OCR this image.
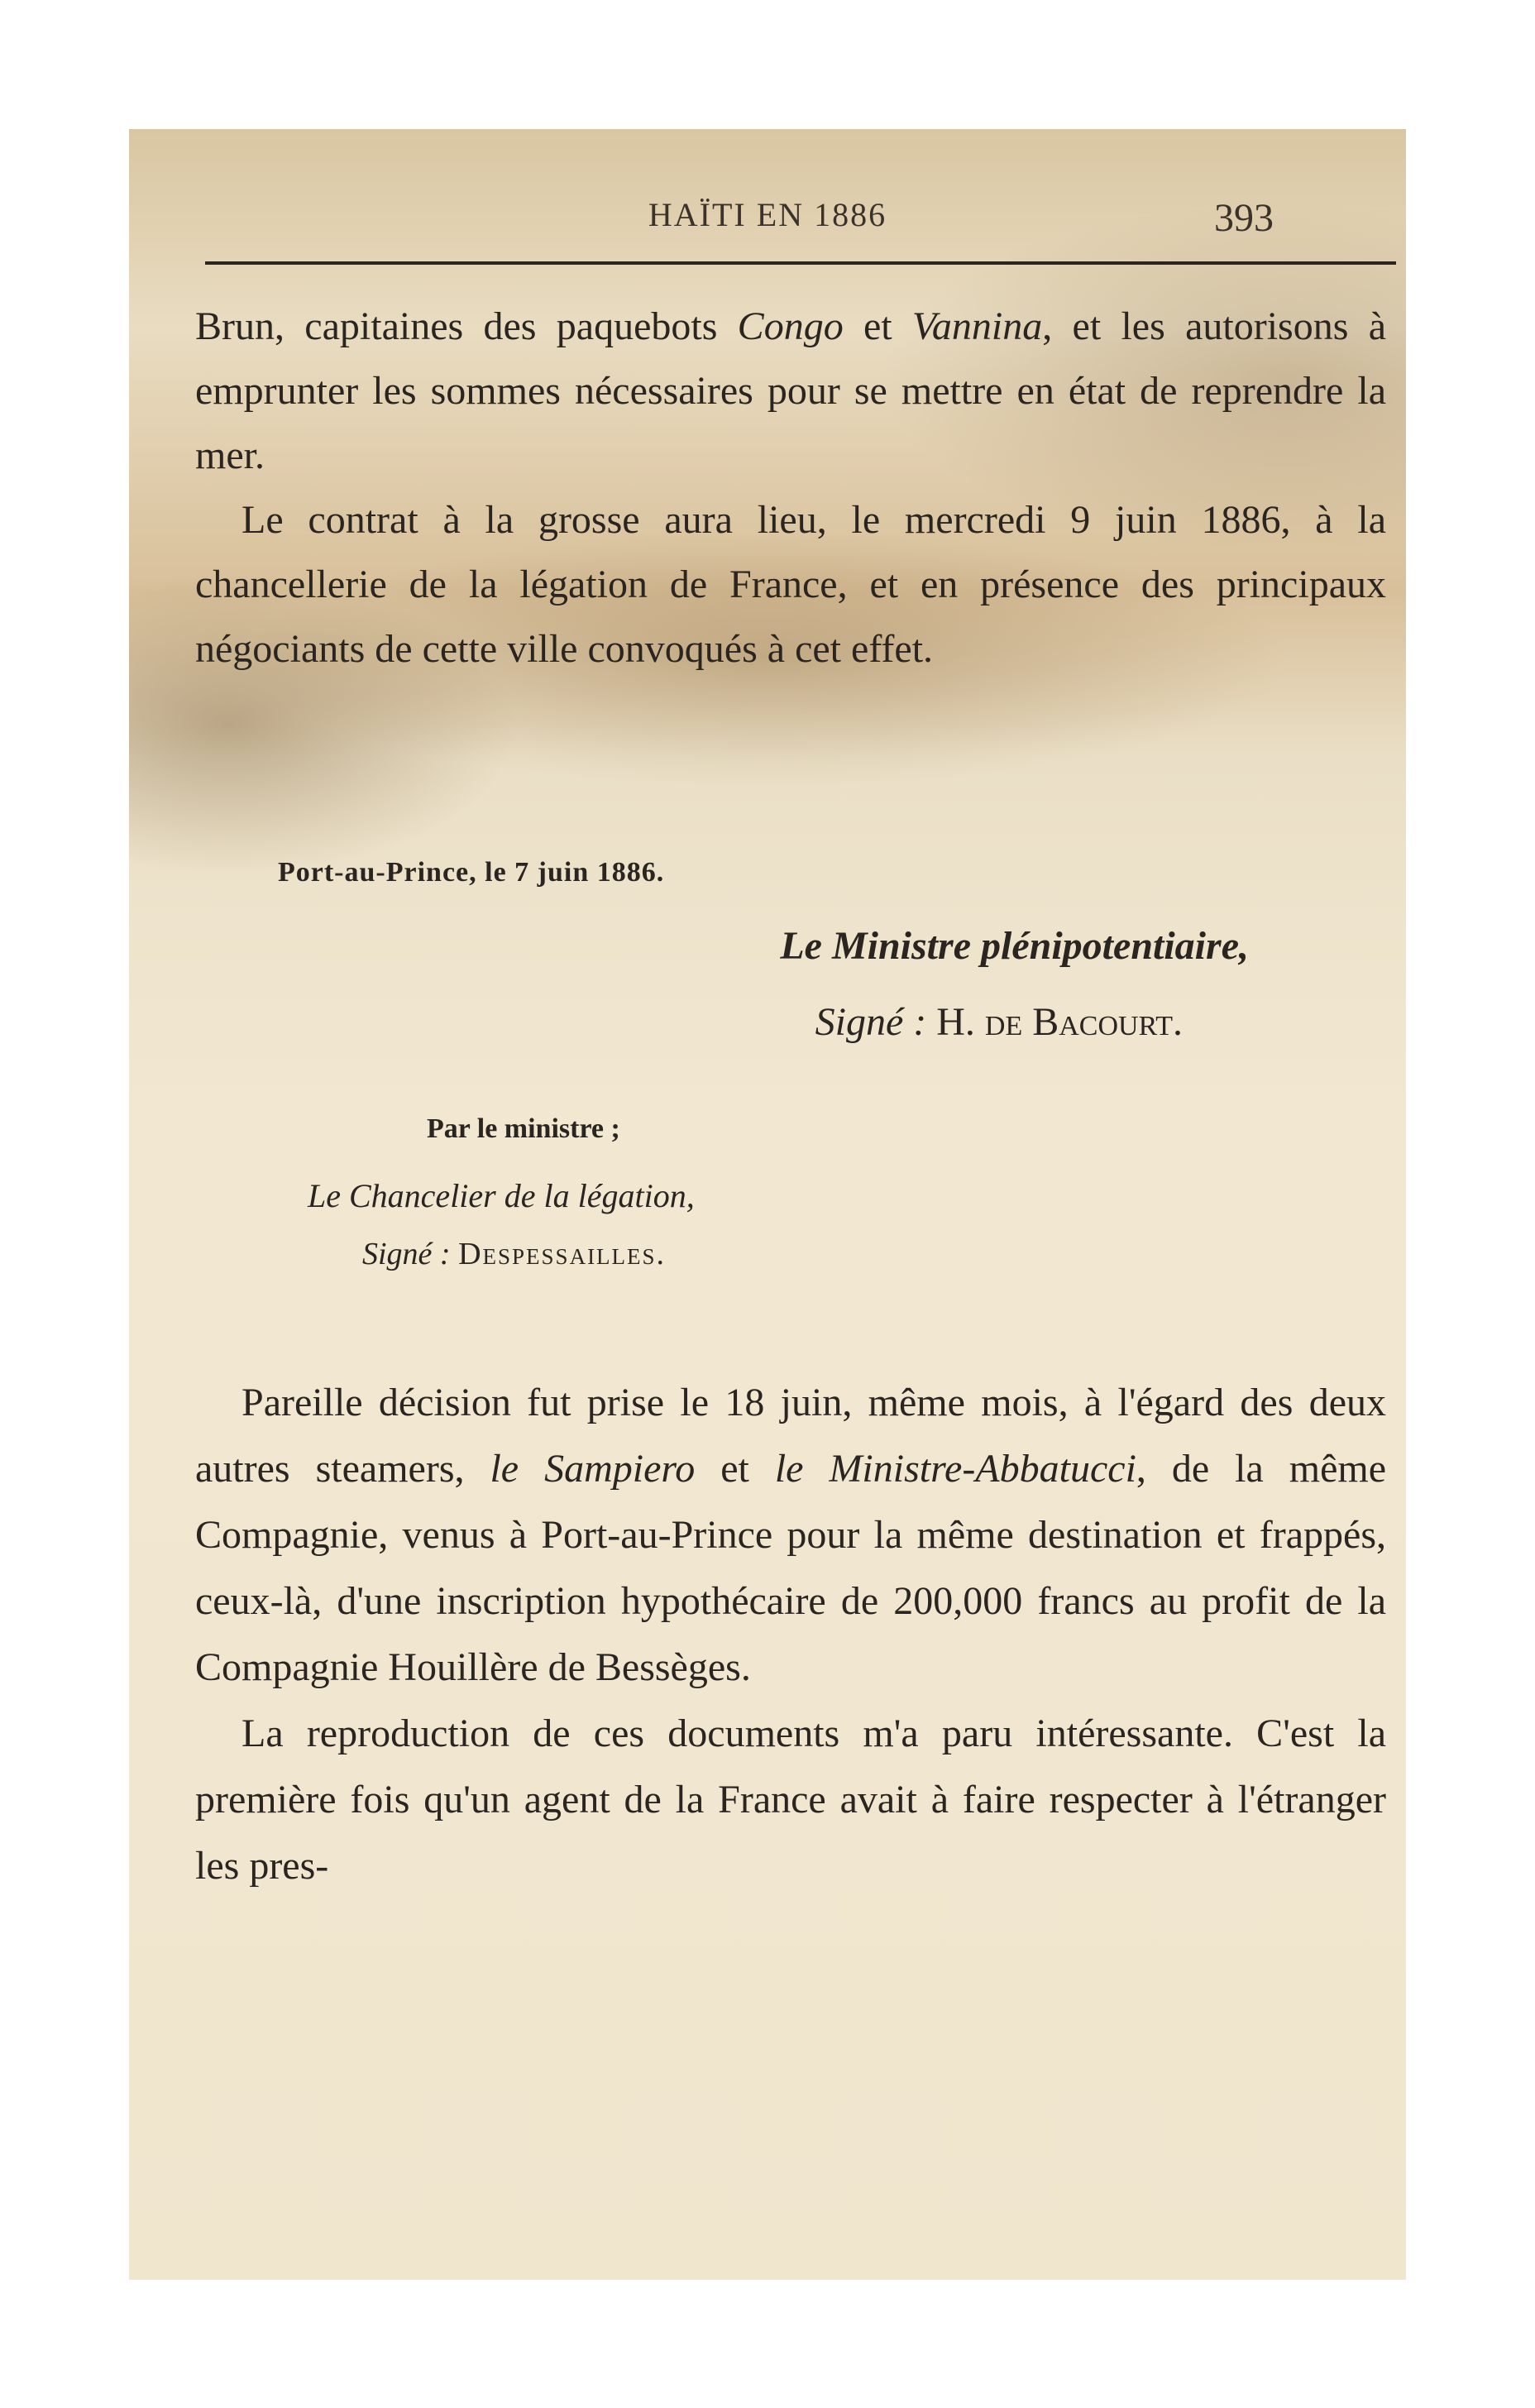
HAÏTI EN 1886	393

Brun, capitaines des paquebots Congo et Vannina, et les autorisons à emprunter les sommes nécessaires pour se mettre en état de reprendre la mer.

Le contrat à la grosse aura lieu, le mercredi 9 juin 1886, à la chancellerie de la légation de France, et en présence des principaux négociants de cette ville convoqués à cet effet.

Port-au-Prince, le 7 juin 1886.
Le Ministre plénipotentiaire,
Signé : H. de Bacourt.
Par le ministre ;
Le Chancelier de la légation,
Signé : Despessailles.

Pareille décision fut prise le 18 juin, même mois, à l'égard des deux autres steamers, le Sampiero et le Ministre-Abbatucci, de la même Compagnie, venus à Port-au-Prince pour la même destination et frappés, ceux-là, d'une inscription hypothécaire de 200,000 francs au profit de la Compagnie Houillère de Bessèges.

La reproduction de ces documents m'a paru intéressante. C'est la première fois qu'un agent de la France avait à faire respecter à l'étranger les pres-
